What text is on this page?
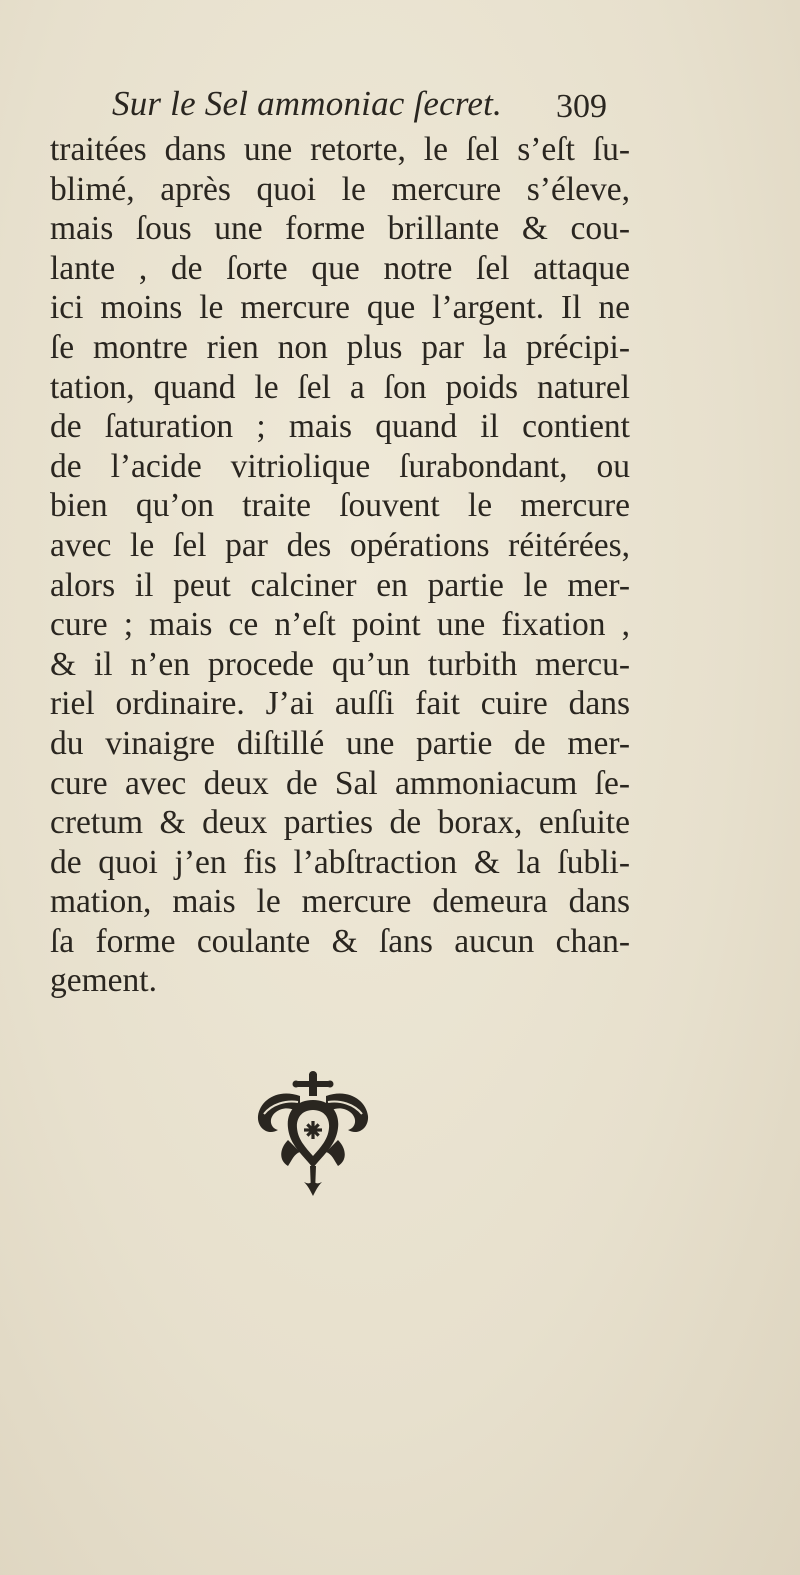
Sur le Sel ammoniac ſecret. 309
traitées dans une retorte, le ſel s’eſt ſu-
blimé, après quoi le mercure s’éleve,
mais ſous une forme brillante & cou-
lante , de ſorte que notre ſel attaque
ici moins le mercure que l’argent. Il ne
ſe montre rien non plus par la précipi-
tation, quand le ſel a ſon poids naturel
de ſaturation ; mais quand il contient
de l’acide vitriolique ſurabondant, ou
bien qu’on traite ſouvent le mercure
avec le ſel par des opérations réitérées,
alors il peut calciner en partie le mer-
cure ; mais ce n’eſt point une fixation ,
& il n’en procede qu’un turbith mercu-
riel ordinaire. J’ai auſſi fait cuire dans
du vinaigre diſtillé une partie de mer-
cure avec deux de Sal ammoniacum ſe-
cretum & deux parties de borax, enſuite
de quoi j’en fis l’abſtraction & la ſubli-
mation, mais le mercure demeura dans
ſa forme coulante & ſans aucun chan-
gement.
